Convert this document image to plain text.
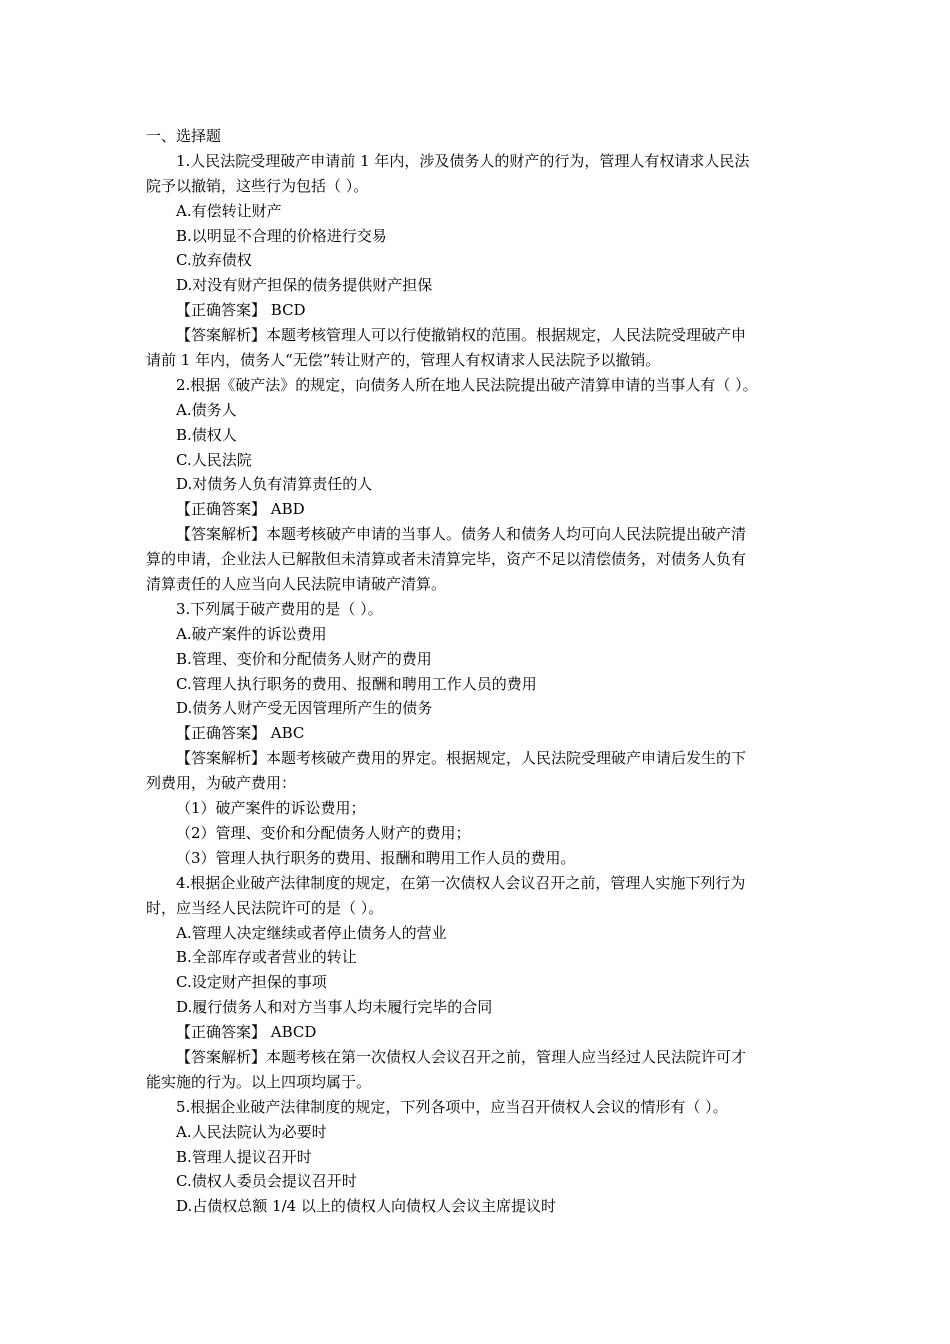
一、选择题
1.人民法院受理破产申请前 1 年内，涉及债务人的财产的行为，管理人有权请求人民法
院予以撤销，这些行为包括（ ）。
A.有偿转让财产
B.以明显不合理的价格进行交易
C.放弃债权
D.对没有财产担保的债务提供财产担保
【正确答案】 BCD
【答案解析】本题考核管理人可以行使撤销权的范围。根据规定，人民法院受理破产申
请前 1 年内，债务人“无偿”转让财产的，管理人有权请求人民法院予以撤销。
2.根据《破产法》的规定，向债务人所在地人民法院提出破产清算申请的当事人有（ ）。
A.债务人
B.债权人
C.人民法院
D.对债务人负有清算责任的人
【正确答案】 ABD
【答案解析】本题考核破产申请的当事人。债务人和债务人均可向人民法院提出破产清
算的申请，企业法人已解散但未清算或者未清算完毕，资产不足以清偿债务，对债务人负有
清算责任的人应当向人民法院申请破产清算。
3.下列属于破产费用的是（ ）。
A.破产案件的诉讼费用
B.管理、变价和分配债务人财产的费用
C.管理人执行职务的费用、报酬和聘用工作人员的费用
D.债务人财产受无因管理所产生的债务
【正确答案】 ABC
【答案解析】本题考核破产费用的界定。根据规定，人民法院受理破产申请后发生的下
列费用，为破产费用：
（1）破产案件的诉讼费用；
（2）管理、变价和分配债务人财产的费用；
（3）管理人执行职务的费用、报酬和聘用工作人员的费用。
4.根据企业破产法律制度的规定，在第一次债权人会议召开之前，管理人实施下列行为
时，应当经人民法院许可的是（ ）。
A.管理人决定继续或者停止债务人的营业
B.全部库存或者营业的转让
C.设定财产担保的事项
D.履行债务人和对方当事人均未履行完毕的合同
【正确答案】 ABCD
【答案解析】本题考核在第一次债权人会议召开之前，管理人应当经过人民法院许可才
能实施的行为。以上四项均属于。
5.根据企业破产法律制度的规定，下列各项中，应当召开债权人会议的情形有（ ）。
A.人民法院认为必要时
B.管理人提议召开时
C.债权人委员会提议召开时
D.占债权总额 1/4 以上的债权人向债权人会议主席提议时
